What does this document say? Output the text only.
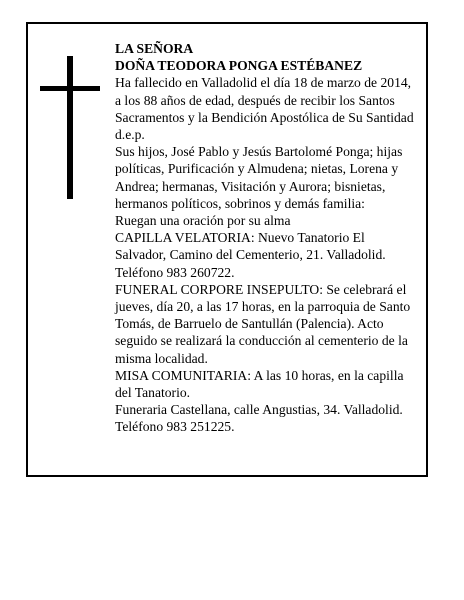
LA SEÑORA

DOÑA TEODORA PONGA ESTÉBANEZ

Ha fallecido en Valladolid el día 18 de marzo de 2014, a los 88 años de edad, después de recibir los Santos Sacramentos y la Bendición Apostólica de Su Santidad d.e.p.

Sus hijos, José Pablo y Jesús Bartolomé Ponga; hijas políticas, Purificación y Almudena; nietas, Lorena y Andrea; hermanas, Visitación y Aurora; bisnietas, hermanos políticos, sobrinos y demás familia:

Ruegan una oración por su alma

CAPILLA VELATORIA: Nuevo Tanatorio El Salvador, Camino del Cementerio, 21. Valladolid. Teléfono 983 260722.

FUNERAL CORPORE INSEPULTO: Se celebrará el jueves, día 20, a las 17 horas, en la parroquia de Santo Tomás, de Barruelo de Santullán (Palencia). Acto seguido se realizará la conducción al cementerio de la misma localidad.

MISA COMUNITARIA: A las 10 horas, en la capilla del Tanatorio.

Funeraria Castellana, calle Angustias, 34. Valladolid. Teléfono 983 251225.
